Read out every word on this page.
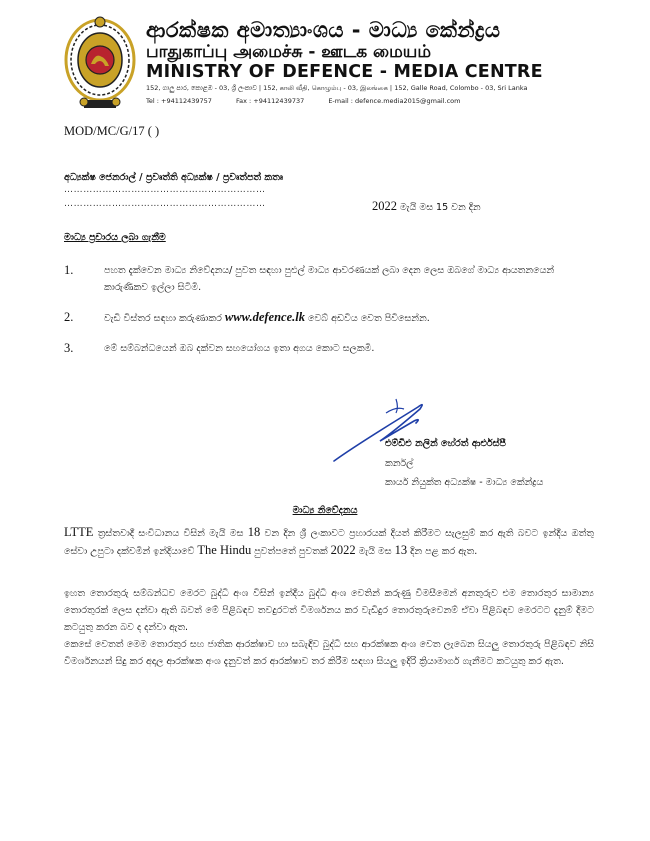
ආරක්ෂක අමාත්‍යාංශය - මාධ්‍ය කේන්ද්‍රය
பாதுகாப்பு அமைச்சு - ஊடக மையம்
MINISTRY OF DEFENCE - MEDIA CENTRE
152, ගාලු පාර, කොළඹ - 03, ශ්‍රී ලංකාව | 152, காலி வீதி, கொழும்பு - 03, இலங்கை | 152, Galle Road, Colombo - 03, Sri Lanka
Tel : +94112439757	Fax : +94112439737	E-mail : defence.media2015@gmail.com
MOD/MC/G/17 ( )
අධ්‍යක්ෂ ජෙනරාල් / ප්‍රවෘත්ති අධ්‍යක්ෂ / ප්‍රවෘත්පත් කතෘ
………………………………………………………
………………………………………………………	2022 මැයි මස 15 වන දින
මාධ්‍ය ප්‍රචාරය ලබා ගැනීම
1.	පහත දැක්වෙන මාධ්‍ය නිවේදනය/ පුවත සඳහා පුළුල් මාධ්‍ය ආවරණයක් ලබා දෙන ලෙස ඔබගේ මාධ්‍ය ආයතනයෙන් කාරුණිකව ඉල්ලා සිටිමි.
2.	වැඩි විස්තර සඳහා කරුණාකර www.defence.lk වෙබ් අඩවිය වෙත පිවිසෙන්න.
3.	මේ සම්බන්ධයෙන් ඔබ දක්වන සහයෝගය ඉතා අගය කොට සලකමි.
එම්ඩීඑ නලින් හේරත් ආර්එස්පී
කර්නල්
කාර්ය නියුක්ත අධ්‍යක්ෂ - මාධ්‍ය කේන්ද්‍රය
මාධ්‍ය නිවේදනය
LTTE ත්‍රස්තවාදී සංවිධානය විසින් මැයි මස 18 වන දින ශ්‍රී ලංකාවට ප්‍රහාරයක් දියත් කිරීමට සැලසුම් කර ඇති බවට ඉන්දීය ඔත්තු සේවා උපුටා දක්වමින් ඉන්දියාවේ The Hindu පුවත්පතේ පුවතක් 2022 මැයි මස 13 දින පළ කර ඇත.
ඉහත තොරතුරු සම්බන්ධව මෙරට බුද්ධි අංශ විසින් ඉන්දීය බුද්ධි අංශ වෙතින් කරුණු විමසීමෙන් අනතුරුව එම තොරතුර සාමාන්‍ය තොරතුරක් ලෙස දන්වා ඇති බවත් මේ පිළිබඳව තවදුරටත් විමර්ශනය කර වැඩිදුර තොරතුරුවෙනම් ඒවා පිළිබඳව මෙරටට දැනුම් දීමට කටයුතු කරන බව ද දන්වා ඇත.
කෙසේ වෙතත් මෙම තොරතුර සහ ජාතික ආරක්ෂාව හා සබැඳිව බුද්ධි සහ ආරක්ෂක අංශ වෙත ලැබෙන සියලු තොරතුරු පිළිබඳව නිසි විමර්ශනයන් සිදු කර අදාල ආරක්ෂක අංශ දැනුවත් කර ආරක්ෂාව තර කිරීම සඳහා සියලු ඉදිරි ක්‍රියාමාර්ග ගැනීමට කටයුතු කර ඇත.
